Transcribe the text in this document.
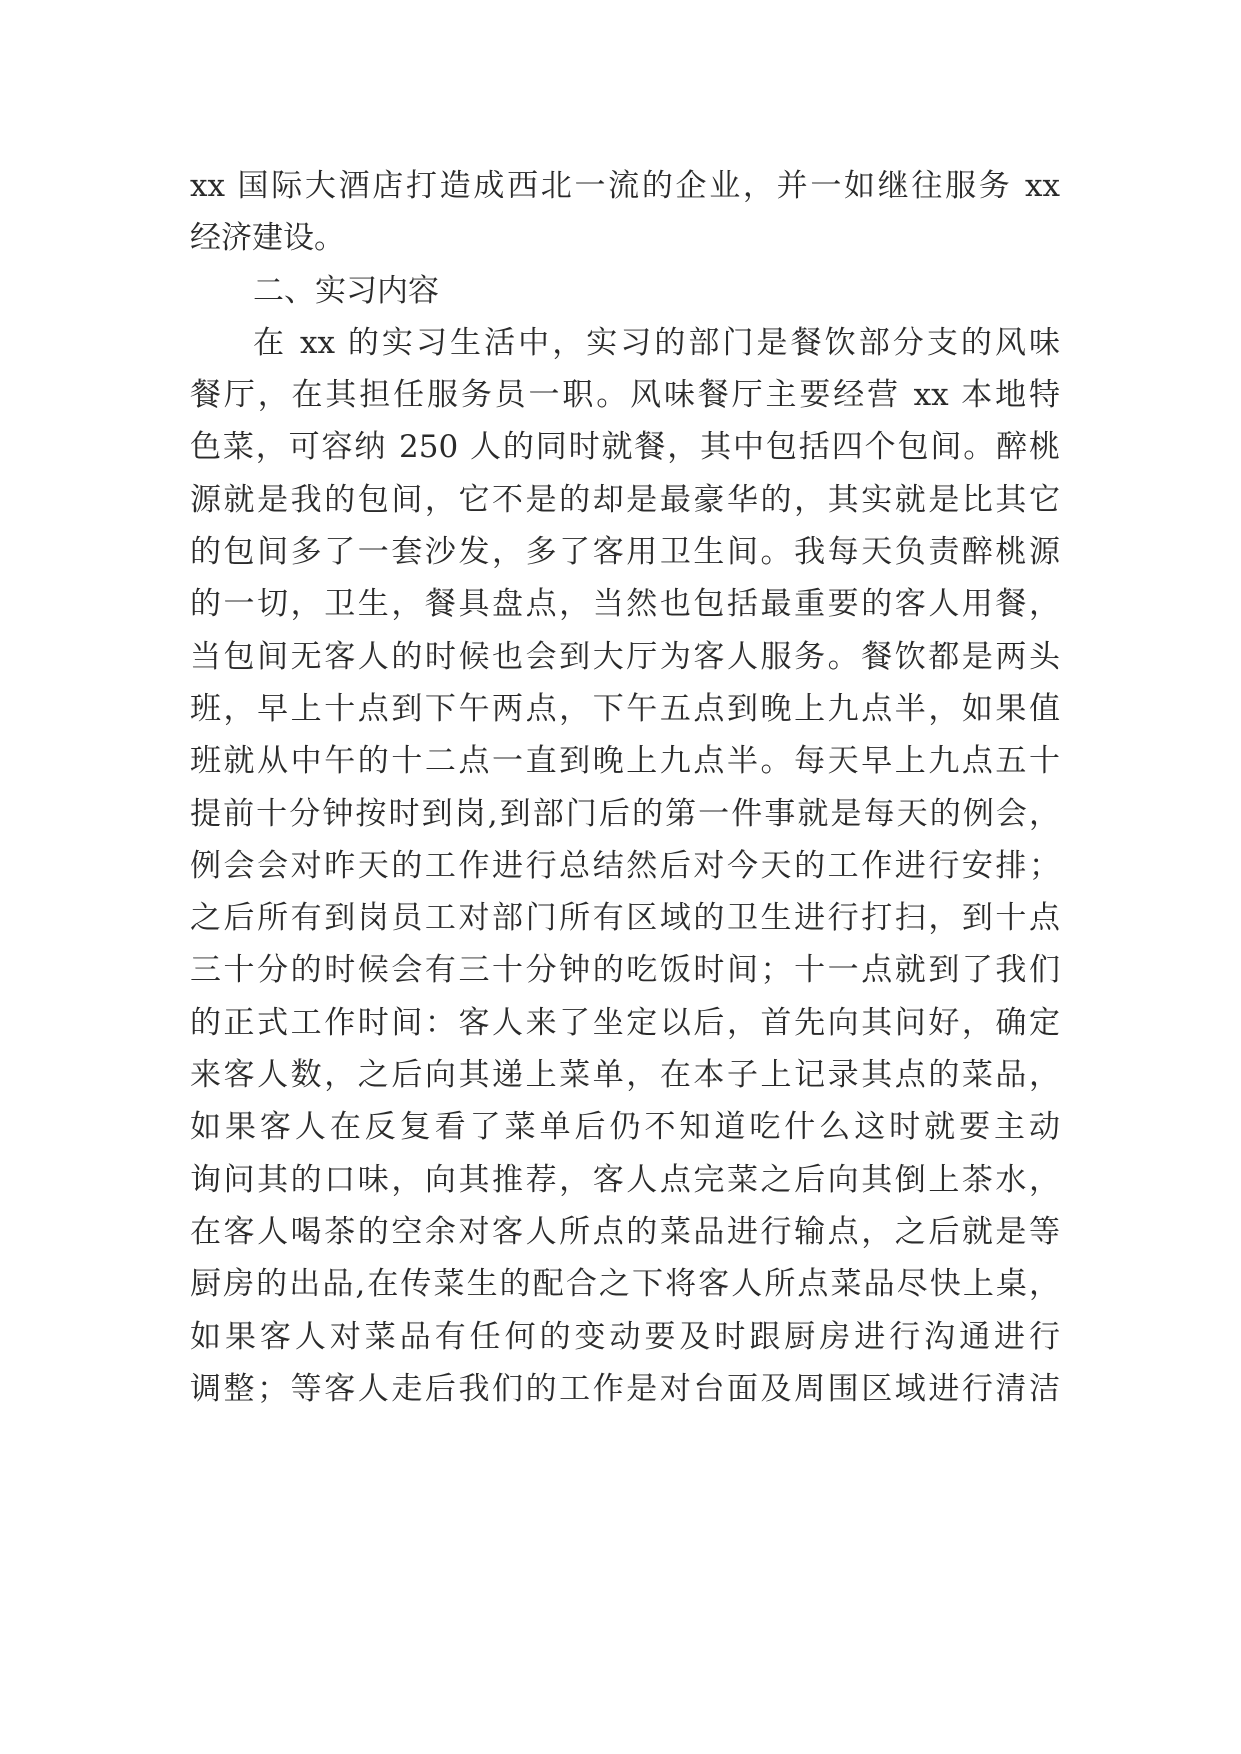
xx 国际大酒店打造成西北一流的企业，并一如继往服务 xx
经济建设。
二、实习内容
在 xx 的实习生活中，实习的部门是餐饮部分支的风味
餐厅，在其担任服务员一职。风味餐厅主要经营 xx 本地特
色菜，可容纳 250 人的同时就餐，其中包括四个包间。醉桃
源就是我的包间，它不是的却是最豪华的，其实就是比其它
的包间多了一套沙发，多了客用卫生间。我每天负责醉桃源
的一切，卫生，餐具盘点，当然也包括最重要的客人用餐，
当包间无客人的时候也会到大厅为客人服务。餐饮都是两头
班，早上十点到下午两点，下午五点到晚上九点半，如果值
班就从中午的十二点一直到晚上九点半。每天早上九点五十
提前十分钟按时到岗,到部门后的第一件事就是每天的例会，
例会会对昨天的工作进行总结然后对今天的工作进行安排；
之后所有到岗员工对部门所有区域的卫生进行打扫，到十点
三十分的时候会有三十分钟的吃饭时间；十一点就到了我们
的正式工作时间：客人来了坐定以后，首先向其问好，确定
来客人数，之后向其递上菜单，在本子上记录其点的菜品，
如果客人在反复看了菜单后仍不知道吃什么这时就要主动
询问其的口味，向其推荐，客人点完菜之后向其倒上茶水，
在客人喝茶的空余对客人所点的菜品进行输点，之后就是等
厨房的出品,在传菜生的配合之下将客人所点菜品尽快上桌，
如果客人对菜品有任何的变动要及时跟厨房进行沟通进行
调整；等客人走后我们的工作是对台面及周围区域进行清洁
